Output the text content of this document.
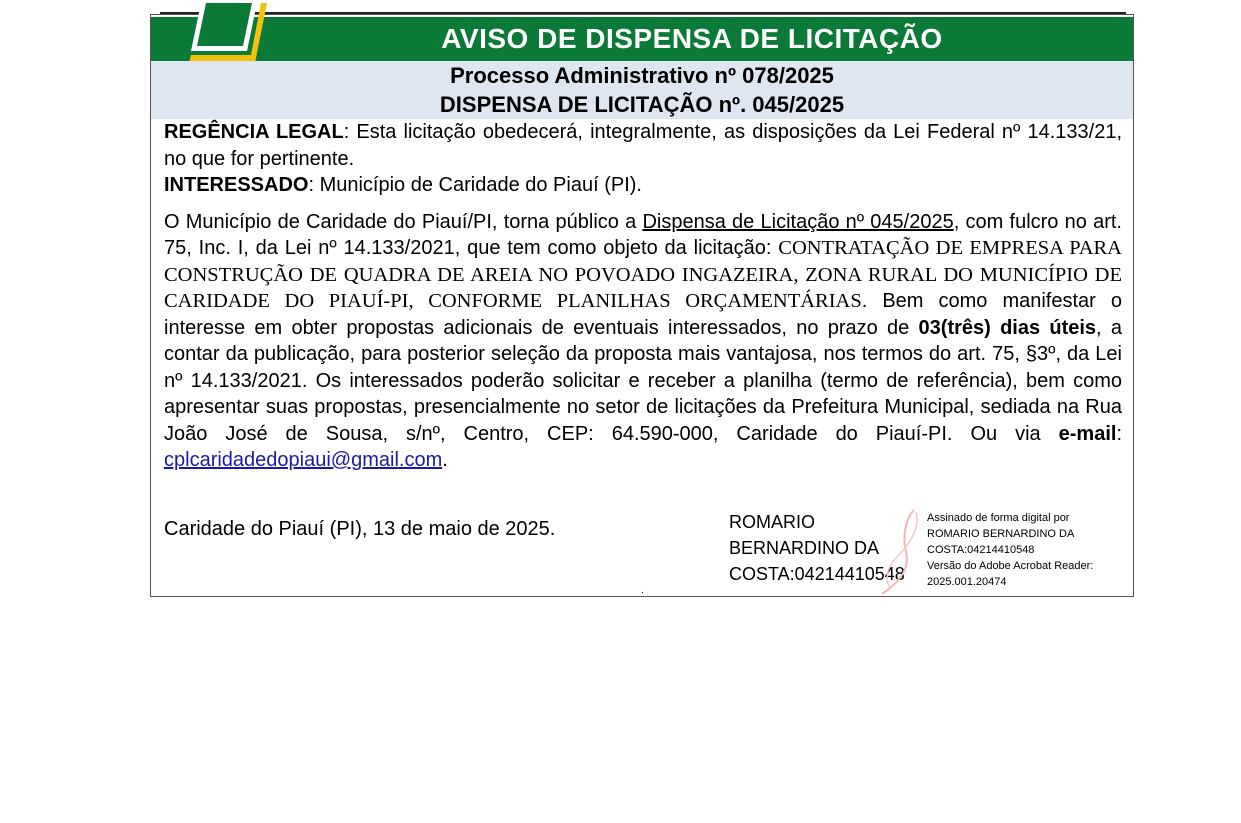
AVISO DE DISPENSA DE LICITAÇÃO
Processo Administrativo nº 078/2025
DISPENSA DE LICITAÇÃO nº. 045/2025

REGÊNCIA LEGAL: Esta licitação obedecerá, integralmente, as disposições da Lei Federal nº 14.133/21, no que for pertinente.

INTERESSADO: Município de Caridade do Piauí (PI).

O Município de Caridade do Piauí/PI, torna público a Dispensa de Licitação nº 045/2025, com fulcro no art. 75, Inc. I, da Lei nº 14.133/2021, que tem como objeto da licitação: CONTRATAÇÃO DE EMPRESA PARA CONSTRUÇÃO DE QUADRA DE AREIA NO POVOADO INGAZEIRA, ZONA RURAL DO MUNICÍPIO DE CARIDADE DO PIAUÍ-PI, CONFORME PLANILHAS ORÇAMENTÁRIAS. Bem como manifestar o interesse em obter propostas adicionais de eventuais interessados, no prazo de 03(três) dias úteis, a contar da publicação, para posterior seleção da proposta mais vantajosa, nos termos do art. 75, §3º, da Lei nº 14.133/2021. Os interessados poderão solicitar e receber a planilha (termo de referência), bem como apresentar suas propostas, presencialmente no setor de licitações da Prefeitura Municipal, sediada na Rua João José de Sousa, s/nº, Centro, CEP: 64.590-000, Caridade do Piauí-PI. Ou via e-mail: cplcaridadedopiaui@gmail.com.

Caridade do Piauí (PI), 13 de maio de 2025.	ROMARIO
BERNARDINO DA
COSTA:04214410548
Assinado de forma digital por
ROMARIO BERNARDINO DA
COSTA:04214410548
Versão do Adobe Acrobat Reader:
2025.001.20474
.
